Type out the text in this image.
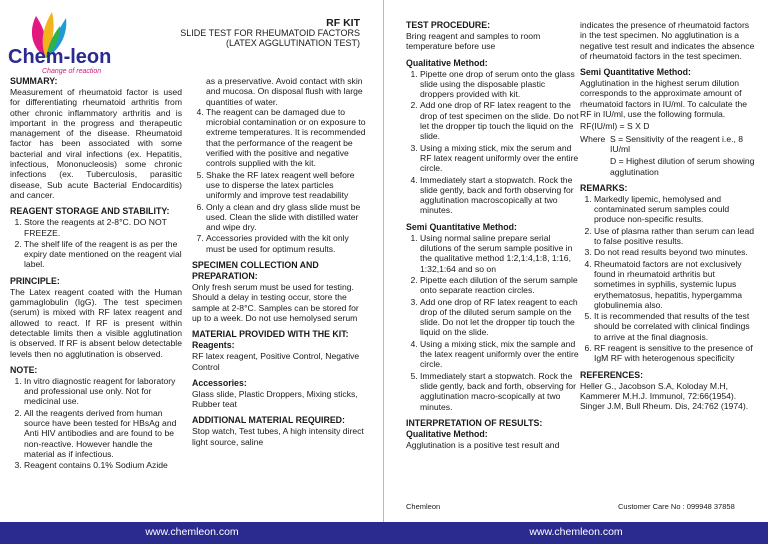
Chem-leon
Change of reaction
RF KIT
SLIDE TEST FOR RHEUMATOID FACTORS
(LATEX AGGLUTINATION TEST)
SUMMARY:

Measurement of rheumatoid factor is used for differentiating rheumatoid arthritis from other chronic inflammatory arthritis and is important in the progress and therapeutic management of the disease. Rheumatoid factor has been associated with some bacterial and viral infections (ex. Hepatitis, infectious, Mononucleosis) some chronic infections (ex. Tuberculosis, parasitic disease, Sub acute Bacterial Endocarditis) and cancer.

REAGENT STORAGE AND STABILITY:
1. Store the reagents at 2-8°C. DO NOT FREEZE.
2. The shelf life of the reagent is as per the expiry date mentioned on the reagent vial label.
PRINCIPLE:

The Latex reagent coated with the Human gammaglobulin (IgG). The test specimen (serum) is mixed with RF latex reagent and allowed to react. If RF is present within detectable limits then a visible agglutination is observed. If RF is absent below detectable levels then no agglutination is observed.

NOTE:
1. In vitro diagnostic reagent for laboratory and professional use only. Not for medicinal use.
2. All the reagents derived from human source have been tested for HBsAg and Anti HIV antibodies and are found to be non-reactive. However handle the material as if infectious.
3. Reagent contains 0.1% Sodium Azide

as a preservative. Avoid contact with skin and mucosa. On disposal flush with large quantities of water.

4. The reagent can be damaged due to microbial contamination or on exposure to extreme temperatures. It is recommended that the performance of the reagent be verified with the positive and negative controls supplied with the kit.
5. Shake the RF latex reagent well before use to disperse the latex particles uniformly and improve test readability
6. Only a clean and dry glass slide must be used. Clean the slide with distilled water and wipe dry.
7. Accessories provided with the kit only must be used for optimum results.
SPECIMEN COLLECTION AND PREPARATION:

Only fresh serum must be used for testing. Should a delay in testing occur, store the sample at 2-8°C. Samples can be stored for up to a week. Do not use hemolysed serum

MATERIAL PROVIDED WITH THE KIT:
Reagents:

RF latex reagent, Positive Control, Negative Control

Accessories:

Glass slide, Plastic Droppers, Mixing sticks, Rubber teat

ADDITIONAL MATERIAL REQUIRED:

Stop watch, Test tubes, A high intensity direct light source, saline

TEST PROCEDURE:

Bring reagent and samples to room temperature before use

Qualitative Method:
1. Pipette one drop of serum onto the glass slide using the disposable plastic droppers provided with kit.
2. Add one drop of RF latex reagent to the drop of test specimen on the slide. Do not let the dropper tip touch the liquid on the slide.
3. Using a mixing stick, mix the serum and RF latex reagent uniformly over the entire circle.
4. Immediately start a stopwatch. Rock the slide gently, back and forth observing for agglutination macroscopically at two minutes.
Semi Quantitative Method:
1. Using normal saline prepare serial dilutions of the serum sample positive in the qualitative method 1:2,1:4,1:8, 1:16, 1:32,1:64 and so on
2. Pipette each dilution of the serum sample onto separate reaction circles.
3. Add one drop of RF latex reagent to each drop of the diluted serum sample on the slide. Do not let the dropper tip touch the liquid on the slide.
4. Using a mixing stick, mix the sample and the latex reagent uniformly over the entire circle.
5. Immediately start a stopwatch. Rock the slide gently, back and forth, observing for agglutination macro-scopically at two minutes.
INTERPRETATION OF RESULTS:
Qualitative Method:

Agglutination is a positive test result and

indicates the presence of rheumatoid factors in the test specimen. No agglutination is a negative test result and indicates the absence of rheumatoid factors in the test specimen.

Semi Quantitative Method:

Agglutination in the highest serum dilution corresponds to the approximate amount of rheumatoid factors in IU/ml. To calculate the RF in IU/ml, use the following formula.

RF(IU/ml) = S X D

Where S = Sensitivity of the reagent i.e., 8 IU/ml

D = Highest dilution of serum showing agglutination

REMARKS:
1. Markedly lipemic, hemolysed and contaminated serum samples could produce non-specific results.
2. Use of plasma rather than serum can lead to false positive results.
3. Do not read results beyond two minutes.
4. Rheumatoid factors are not exclusively found in rheumatoid arthritis but sometimes in syphilis, systemic lupus erythematosus, hepatitis, hypergamma globulinemia also.
5. It is recommended that results of the test should be correlated with clinical findings to arrive at the final diagnosis.
6. RF reagent is sensitive to the presence of IgM RF with heterogenous specificity
REFERENCES:

Heller G., Jacobson S.A, Koloday M.H, Kammerer M.H.J. Immunol, 72:66(1954).

Singer J.M, Bull Rheum. Dis, 24:762 (1974).

Chemleon	Customer Care No : 099948 37858
www.chemleon.com	www.chemleon.com
